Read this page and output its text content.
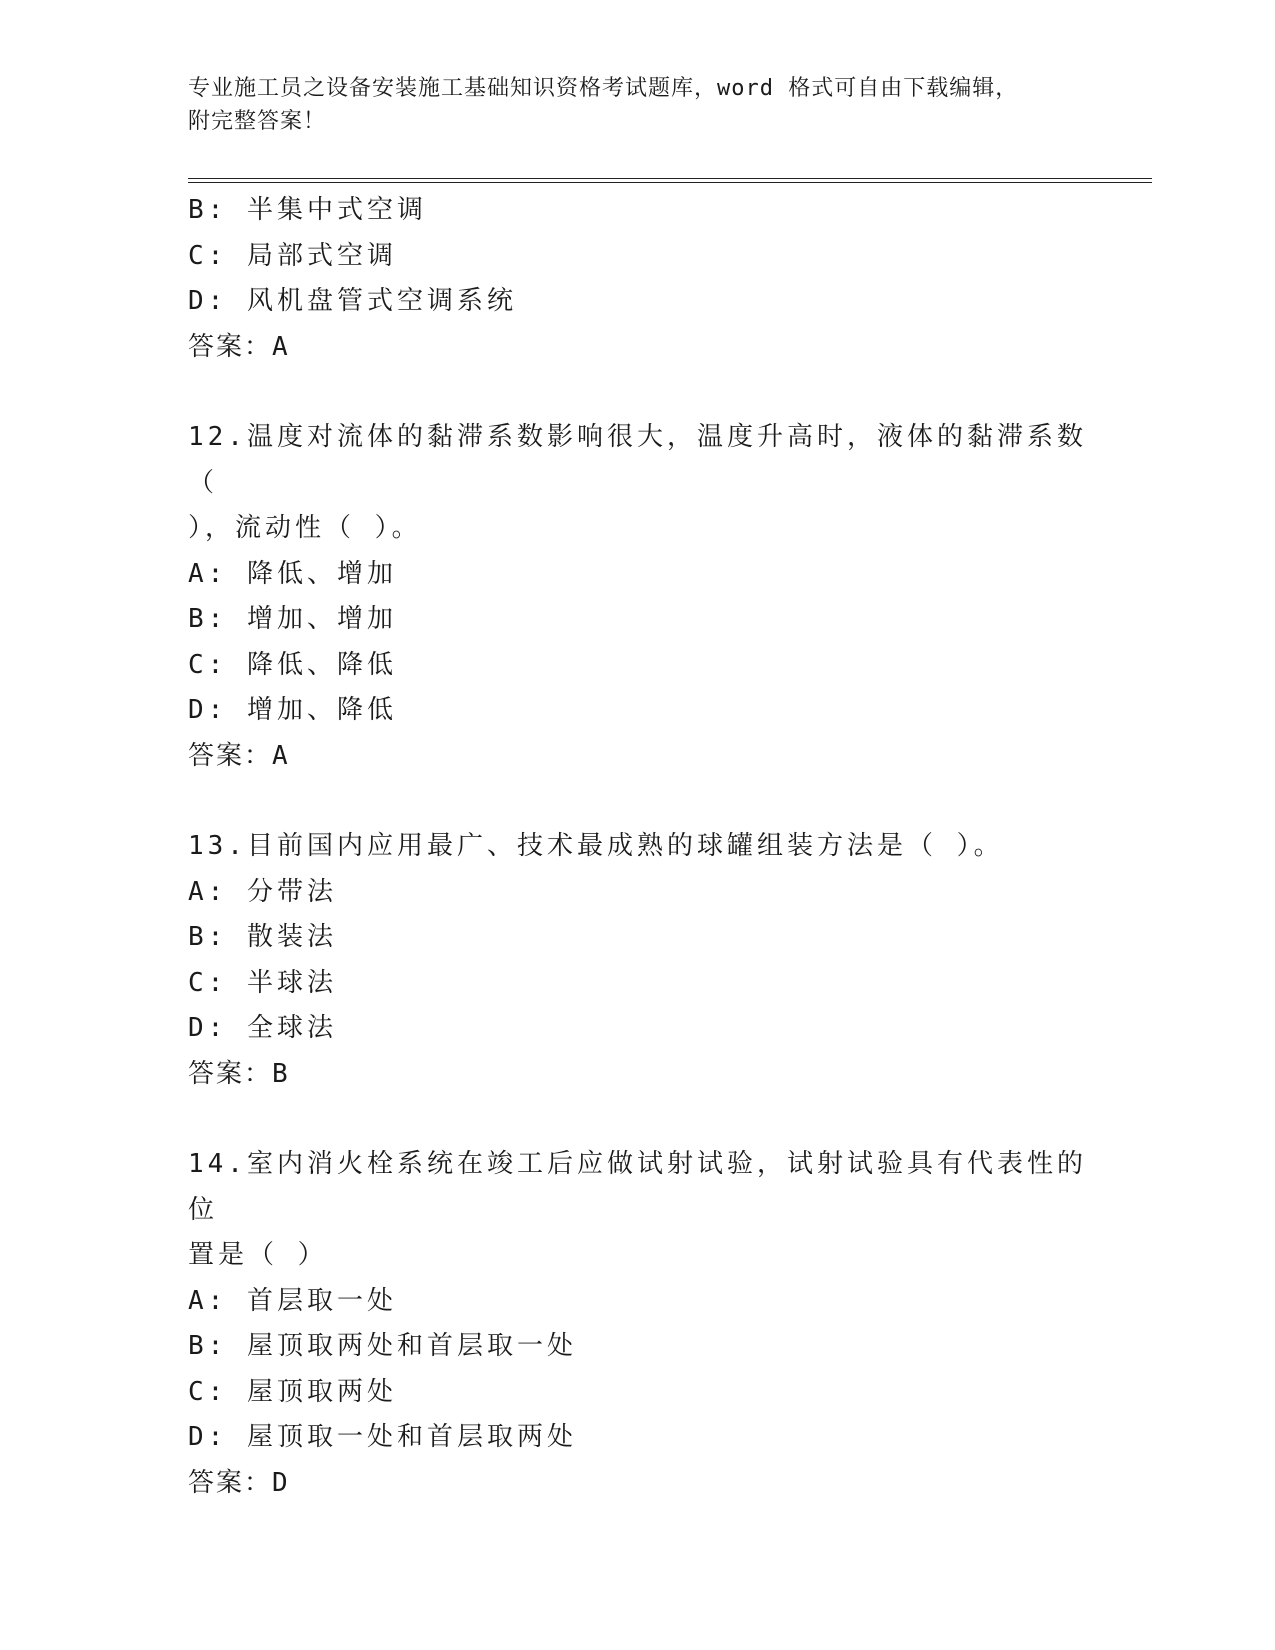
专业施工员之设备安装施工基础知识资格考试题库，word 格式可自由下载编辑，
附完整答案！
B: 半集中式空调
C: 局部式空调
D: 风机盘管式空调系统
答案：A
12.温度对流体的黏滞系数影响很大，温度升高时，液体的黏滞系数（
），流动性（ ）。
A: 降低、增加
B: 增加、增加
C: 降低、降低
D: 增加、降低
答案：A
13.目前国内应用最广、技术最成熟的球罐组装方法是（ ）。
A: 分带法
B: 散装法
C: 半球法
D: 全球法
答案：B
14.室内消火栓系统在竣工后应做试射试验，试射试验具有代表性的位
置是（ ）
A: 首层取一处
B: 屋顶取两处和首层取一处
C: 屋顶取两处
D: 屋顶取一处和首层取两处
答案：D
